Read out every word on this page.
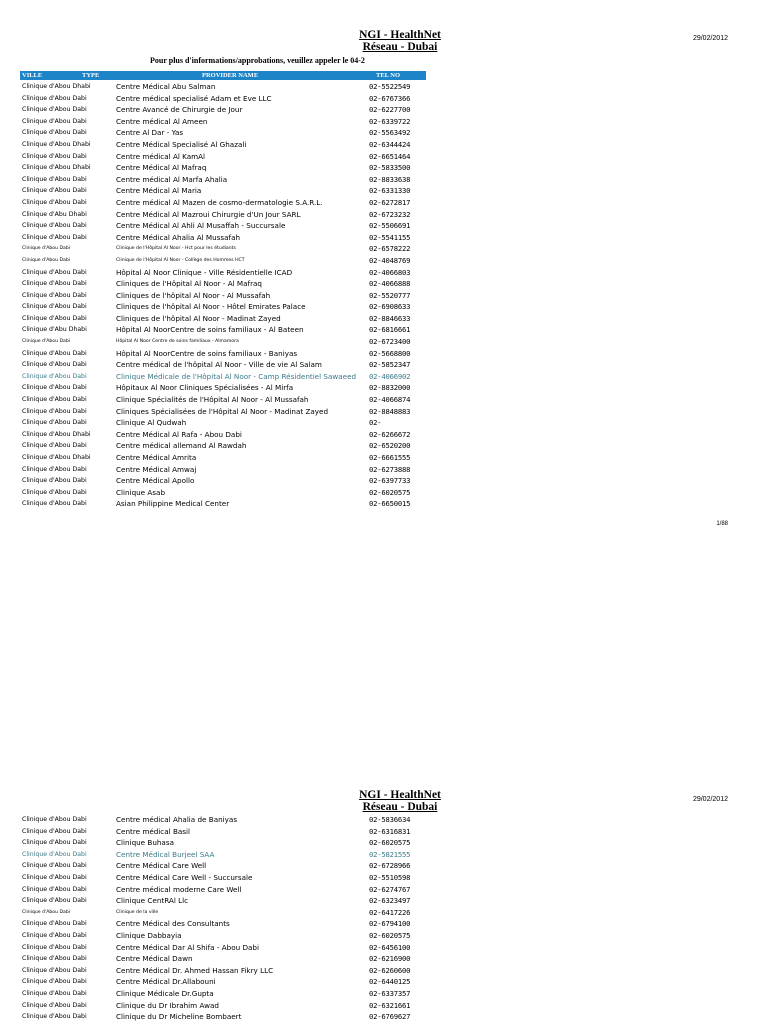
NGI - HealthNet
Réseau - Dubai
29/02/2012
Pour plus d'informations/approbations, veuillez appeler le 04-2
VILLE	TYPE	PROVIDER NAME	TEL NO
Clinique d'Abou Dhabi	Centre Médical Abu Salman	02-5522549
Clinique d'Abou Dabi	Centre médical specialisé Adam et Eve LLC	02-6767366
Clinique d'Abou Dabi	Centre Avancé de Chirurgie de Jour	02-6227700
Clinique d'Abou Dabi	Centre médical Al Ameen	02-6339722
Clinique d'Abou Dabi	Centre Al Dar - Yas	02-5563492
Clinique d'Abou Dhabi	Centre Médical Specialisé Al Ghazali	02-6344424
Clinique d'Abou Dabi	Centre médical Al KamAl	02-6651464
Clinique d'Abou Dhabi	Centre Médical Al Mafraq	02-5833500
Clinique d'Abou Dabi	Centre médical Al Marfa Ahalia	02-8833638
Clinique d'Abou Dabi	Centre Médical Al Maria	02-6331330
Clinique d'Abou Dabi	Centre médical Al Mazen de cosmo-dermatologie S.A.R.L.	02-6272817
Clinique d'Abu Dhabi	Centre Médical Al Mazroui Chirurgie d'Un Jour SARL	02-6723232
Clinique d'Abou Dabi	Centre Médical Al Ahli Al Musaffah - Succursale	02-5506691
Clinique d'Abou Dabi	Centre Médical Ahalia Al Mussafah	02-5541155
Clinique d'Abou Dabi	Clinique de l'Hôpital Al Noor - Hct pour les étudiants	02-6578222
Clinique d'Abou Dabi	Clinique de l'Hôpital Al Noor - Collège des Hommes HCT	02-4048769
Clinique d'Abou Dabi	Hôpital Al Noor Clinique - Ville Résidentielle ICAD	02-4066803
Clinique d'Abou Dabi	Cliniques de l'Hôpital Al Noor - Al Mafraq	02-4066888
Clinique d'Abou Dabi	Cliniques de l'hôpital Al Noor - Al Mussafah	02-5520777
Clinique d'Abou Dabi	Cliniques de l'hôpital Al Noor - Hôtel Emirates Palace	02-6908633
Clinique d'Abou Dabi	Cliniques de l'hôpital Al Noor - Madinat Zayed	02-8846633
Clinique d'Abu Dhabi	Hôpital Al NoorCentre de soins familiaux - Al Bateen	02-6816661
Clinique d'Abou Dabi	Hôpital Al Noor Centre de soins familiaux - Almamora	02-6723400
Clinique d'Abou Dabi	Hôpital Al NoorCentre de soins familiaux - Baniyas	02-5668800
Clinique d'Abou Dabi	Centre médical de l'hôpital Al Noor - Ville de vie Al Salam	02-5852347
Clinique d'Abou Dabi	Clinique Médicale de l'Hôpital Al Noor - Camp Résidentiel Sawaeed 02-4066902
Clinique d'Abou Dabi	Hôpitaux Al Noor Cliniques Spécialisées - Al Mirfa	02-8832000
Clinique d'Abou Dabi	Clinique Spécialités de l'Hôpital Al Noor - Al Mussafah	02-4066874
Clinique d'Abou Dabi	Cliniques Spécialisées de l'Hôpital Al Noor - Madinat Zayed	02-8848883
Clinique d'Abou Dabi	Clinique Al Qudwah	02-
Clinique d'Abou Dhabi	Centre Médical Al Rafa - Abou Dabi	02-6266672
Clinique d'Abou Dabi	Centre médical allemand Al Rawdah	02-6520200
Clinique d'Abou Dhabi	Centre Médical Amrita	02-6661555
Clinique d'Abou Dabi	Centre Médical Amwaj	02-6273888
Clinique d'Abou Dabi	Centre Médical Apollo	02-6397733
Clinique d'Abou Dabi	Clinique Asab	02-6020575
Clinique d'Abou Dabi	Asian Philippine Medical Center	02-6650015
1/88
NGI - HealthNet
Réseau - Dubai
29/02/2012
Clinique d'Abou Dabi	Centre médical Ahalia de Baniyas	02-5836634
Clinique d'Abou Dabi	Centre médical Basil	02-6316831
Clinique d'Abou Dabi	Clinique Buhasa	02-6020575
Clinique d'Abou Dabi	Centre Médical Burjeel SAA	02-5821555
Clinique d'Abou Dabi	Centre Médical Care Well	02-6728966
Clinique d'Abou Dabi	Centre Médical Care Well - Succursale	02-5510598
Clinique d'Abou Dabi	Centre médical moderne Care Well	02-6274767
Clinique d'Abou Dabi	Clinique CentRAl Llc	02-6323497
Clinique d'Abou Dabi	Clinique de la ville	02-6417226
Clinique d'Abou Dabi	Centre Médical des Consultants	02-6794100
Clinique d'Abou Dabi	Clinique Dabbayia	02-6020575
Clinique d'Abou Dabi	Centre Médical Dar Al Shifa - Abou Dabi	02-6456100
Clinique d'Abou Dabi	Centre Médical Dawn	02-6216900
Clinique d'Abou Dabi	Centre Médical Dr. Ahmed Hassan Fikry LLC	02-6260600
Clinique d'Abou Dabi	Centre Médical Dr.Allabouni	02-6440125
Clinique d'Abou Dabi	Clinique Médicale Dr.Gupta	02-6337357
Clinique d'Abou Dabi	Clinique du Dr Ibrahim Awad	02-6321661
Clinique d'Abou Dabi	Clinique du Dr Micheline Bombaert	02-6769627
